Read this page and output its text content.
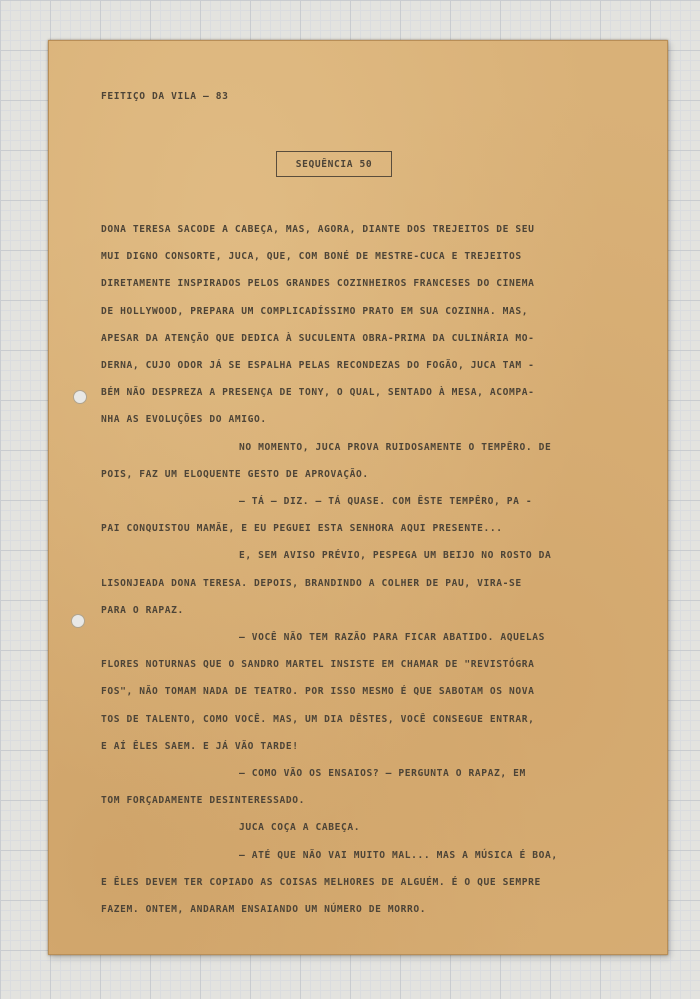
FEITIÇO DA VILA — 83
SEQUÊNCIA 50
DONA TERESA SACODE A CABEÇA, MAS, AGORA, DIANTE DOS TREJEITOS DE SEU
MUI DIGNO CONSORTE, JUCA, QUE, COM BONÉ DE MESTRE-CUCA E TREJEITOS
DIRETAMENTE INSPIRADOS PELOS GRANDES COZINHEIROS FRANCESES DO CINEMA
DE HOLLYWOOD, PREPARA UM COMPLICADÍSSIMO PRATO EM SUA COZINHA. MAS,
APESAR DA ATENÇÃO QUE DEDICA À SUCULENTA OBRA-PRIMA DA CULINÁRIA MO-
DERNA, CUJO ODOR JÁ SE ESPALHA PELAS RECONDEZAS DO FOGÃO, JUCA TAM -
BÉM NÃO DESPREZA A PRESENÇA DE TONY, O QUAL, SENTADO À MESA, ACOMPA-
NHA AS EVOLUÇÕES DO AMIGO.
NO MOMENTO, JUCA PROVA RUIDOSAMENTE O TEMPÊRO. DE
POIS, FAZ UM ELOQUENTE GESTO DE APROVAÇÃO.
— TÁ — DIZ. — TÁ QUASE. COM ÊSTE TEMPÊRO, PA -
PAI CONQUISTOU MAMÃE, E EU PEGUEI ESTA SENHORA AQUI PRESENTE...
E, SEM AVISO PRÉVIO, PESPEGA UM BEIJO NO ROSTO DA
LISONJEADA DONA TERESA. DEPOIS, BRANDINDO A COLHER DE PAU, VIRA-SE
PARA O RAPAZ.
— VOCÊ NÃO TEM RAZÃO PARA FICAR ABATIDO. AQUELAS
FLORES NOTURNAS QUE O SANDRO MARTEL INSISTE EM CHAMAR DE "REVISTÓGRA
FOS", NÃO TOMAM NADA DE TEATRO. POR ISSO MESMO É QUE SABOTAM OS NOVA
TOS DE TALENTO, COMO VOCÊ. MAS, UM DIA DÊSTES, VOCÊ CONSEGUE ENTRAR,
E AÍ ÊLES SAEM. E JÁ VÃO TARDE!
— COMO VÃO OS ENSAIOS? — PERGUNTA O RAPAZ, EM
TOM FORÇADAMENTE DESINTERESSADO.
JUCA COÇA A CABEÇA.
— ATÉ QUE NÃO VAI MUITO MAL... MAS A MÚSICA É BOA,
E ÊLES DEVEM TER COPIADO AS COISAS MELHORES DE ALGUÉM. É O QUE SEMPRE
FAZEM. ONTEM, ANDARAM ENSAIANDO UM NÚMERO DE MORRO.
